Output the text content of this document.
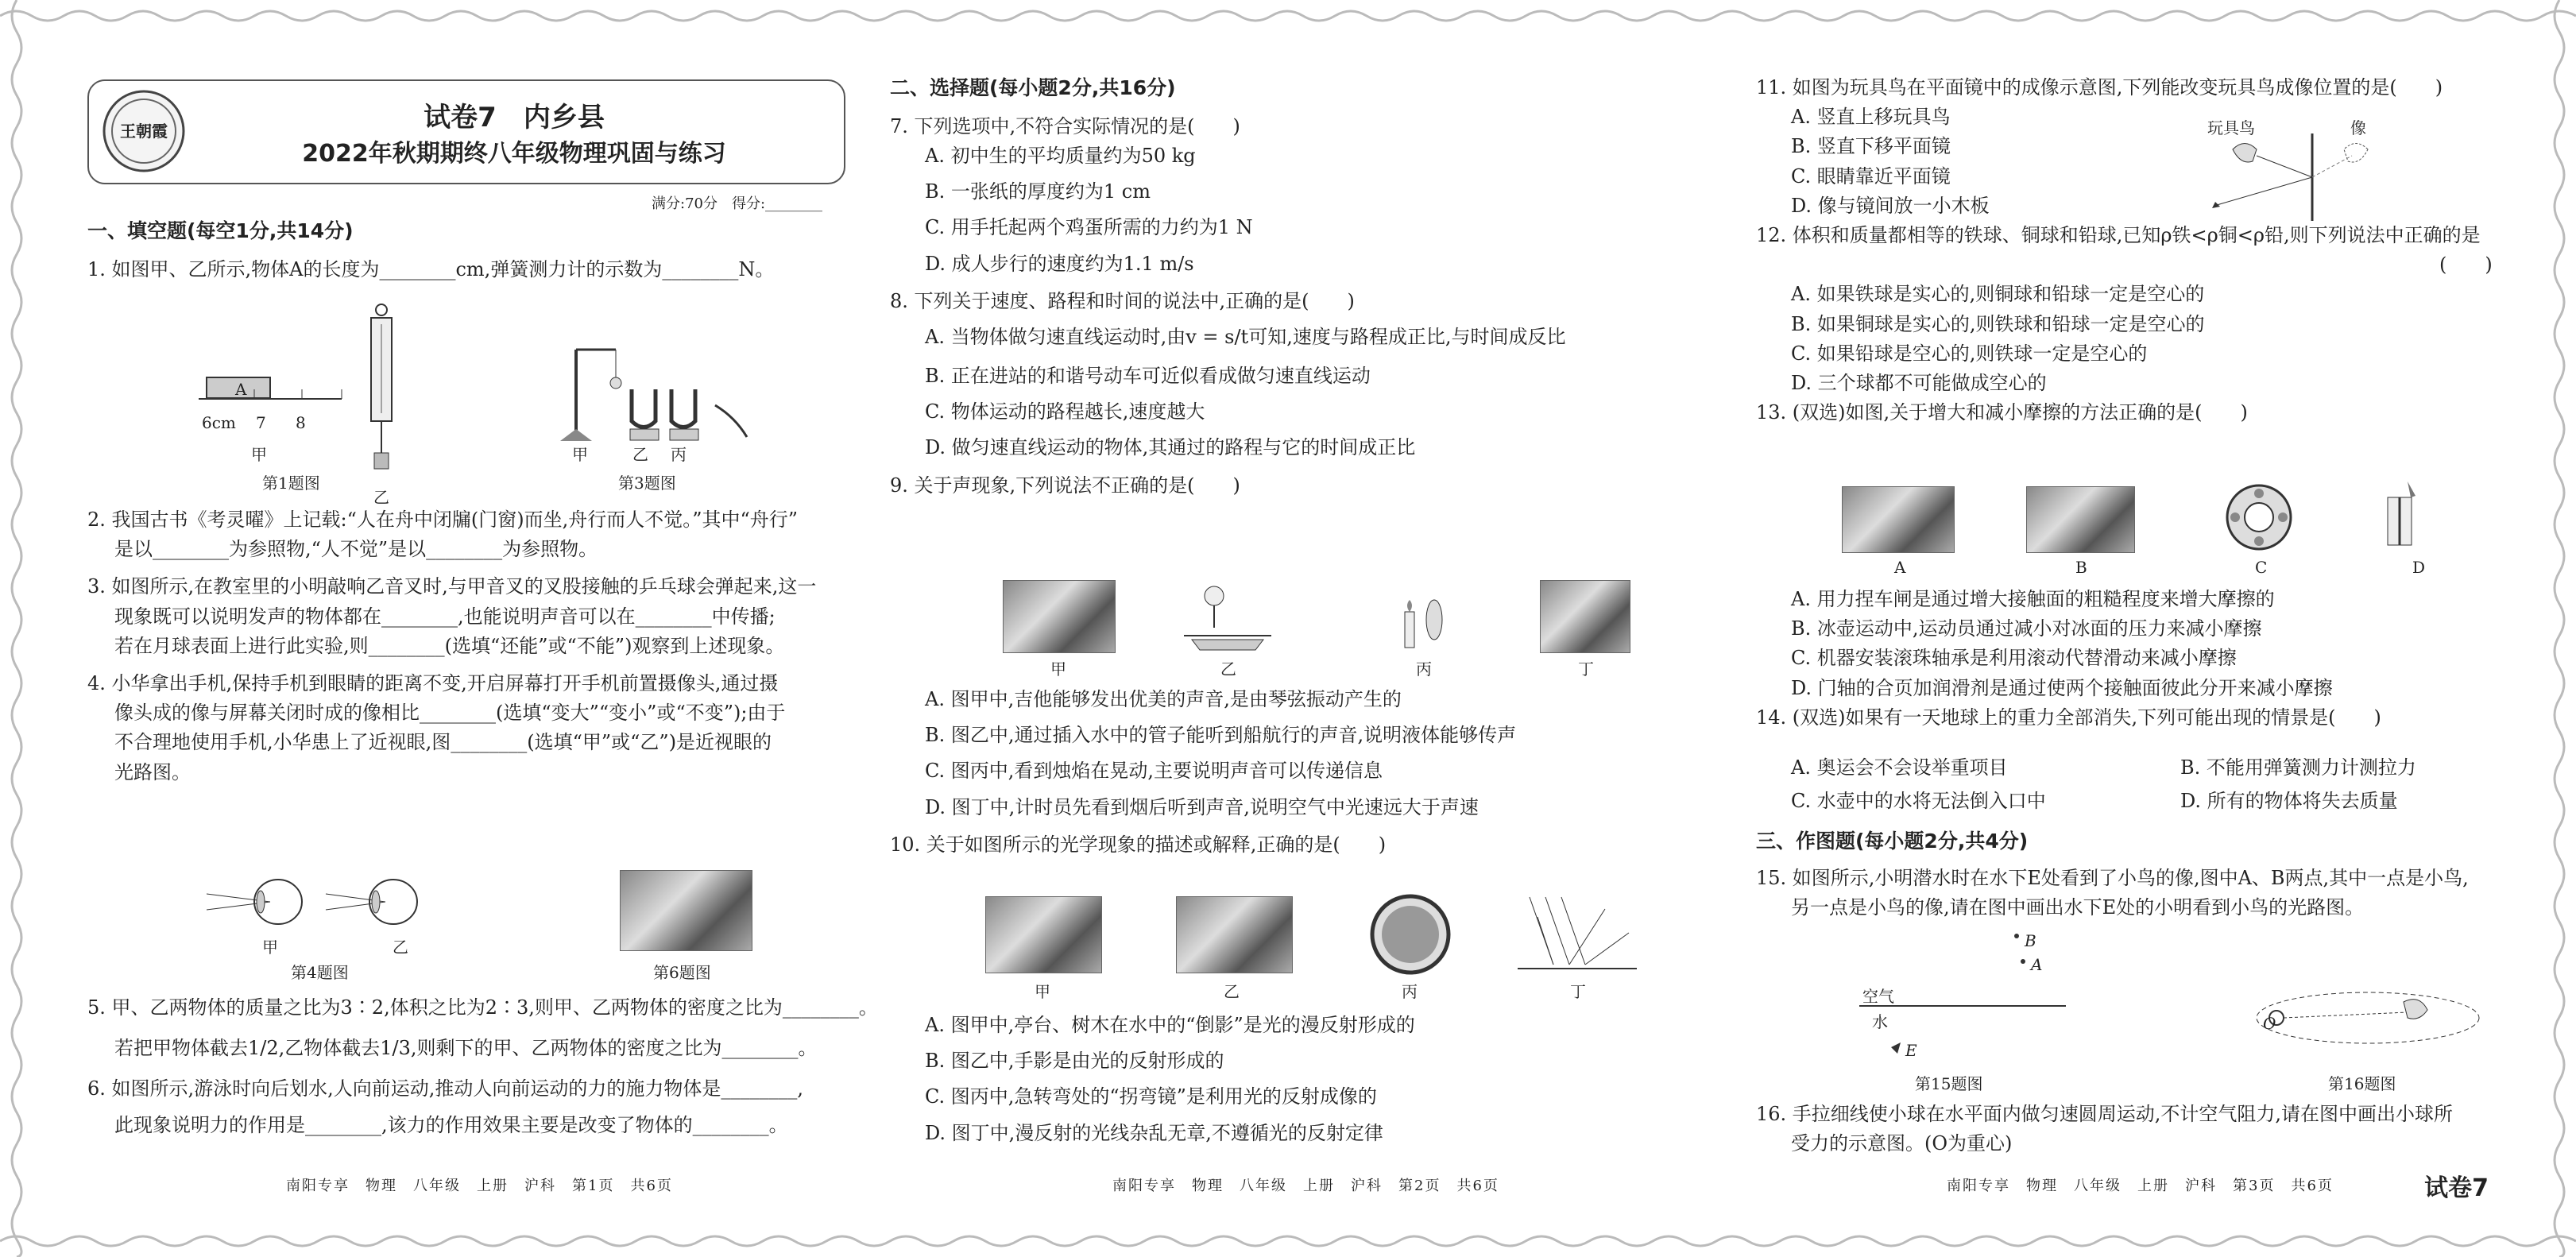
王朝霞	试卷7　内乡县
2022年秋期期终八年级物理巩固与练习
满分:70分　得分:________
一、填空题(每空1分,共14分)
1. 如图甲、乙所示,物体A的长度为________cm,弹簧测力计的示数为________N。
A
6cm 7 8
甲
乙
第1题图
甲	乙 丙
第3题图
2. 我国古书《考灵曜》上记载:“人在舟中闭牖(门窗)而坐,舟行而人不觉。”其中“舟行”
是以________为参照物,“人不觉”是以________为参照物。
3. 如图所示,在教室里的小明敲响乙音叉时,与甲音叉的叉股接触的乒乓球会弹起来,这一
现象既可以说明发声的物体都在________,也能说明声音可以在________中传播;
若在月球表面上进行此实验,则________(选填“还能”或“不能”)观察到上述现象。
4. 小华拿出手机,保持手机到眼睛的距离不变,开启屏幕打开手机前置摄像头,通过摄
像头成的像与屏幕关闭时成的像相比________(选填“变大”“变小”或“不变”);由于
不合理地使用手机,小华患上了近视眼,图________(选填“甲”或“乙”)是近视眼的
光路图。
甲	乙
第4题图	第6题图
5. 甲、乙两物体的质量之比为3∶2,体积之比为2∶3,则甲、乙两物体的密度之比为________。
若把甲物体截去1/2,乙物体截去1/3,则剩下的甲、乙两物体的密度之比为________。
6. 如图所示,游泳时向后划水,人向前运动,推动人向前运动的力的施力物体是________,
此现象说明力的作用是________,该力的作用效果主要是改变了物体的________。
南阳专享　物理　八年级　上册　沪科　第1页　共6页
二、选择题(每小题2分,共16分)
7. 下列选项中,不符合实际情况的是(　　)
A. 初中生的平均质量约为50 kg
B. 一张纸的厚度约为1 cm
C. 用手托起两个鸡蛋所需的力约为1 N
D. 成人步行的速度约为1.1 m/s
8. 下列关于速度、路程和时间的说法中,正确的是(　　)
A. 当物体做匀速直线运动时,由v = s/t可知,速度与路程成正比,与时间成反比
B. 正在进站的和谐号动车可近似看成做匀速直线运动
C. 物体运动的路程越长,速度越大
D. 做匀速直线运动的物体,其通过的路程与它的时间成正比
9. 关于声现象,下列说法不正确的是(　　)
甲	乙	丙	丁
A. 图甲中,吉他能够发出优美的声音,是由琴弦振动产生的
B. 图乙中,通过插入水中的管子能听到船航行的声音,说明液体能够传声
C. 图丙中,看到烛焰在晃动,主要说明声音可以传递信息
D. 图丁中,计时员先看到烟后听到声音,说明空气中光速远大于声速
10. 关于如图所示的光学现象的描述或解释,正确的是(　　)
甲	乙	丙	丁
A. 图甲中,亭台、树木在水中的“倒影”是光的漫反射形成的
B. 图乙中,手影是由光的反射形成的
C. 图丙中,急转弯处的“拐弯镜”是利用光的反射成像的
D. 图丁中,漫反射的光线杂乱无章,不遵循光的反射定律
南阳专享　物理　八年级　上册　沪科　第2页　共6页
11. 如图为玩具鸟在平面镜中的成像示意图,下列能改变玩具鸟成像位置的是(　　)
A. 竖直上移玩具鸟
B. 竖直下移平面镜
C. 眼睛靠近平面镜
D. 像与镜间放一小木板
12. 体积和质量都相等的铁球、铜球和铅球,已知ρ铁<ρ铜<ρ铅,则下列说法中正确的是
(　　)
A. 如果铁球是实心的,则铜球和铅球一定是空心的
B. 如果铜球是实心的,则铁球和铅球一定是空心的
C. 如果铅球是空心的,则铁球一定是空心的
D. 三个球都不可能做成空心的
13. (双选)如图,关于增大和减小摩擦的方法正确的是(　　)
玩具鸟	像
A	B	C	D
A. 用力捏车闸是通过增大接触面的粗糙程度来增大摩擦的
B. 冰壶运动中,运动员通过减小对冰面的压力来减小摩擦
C. 机器安装滚珠轴承是利用滚动代替滑动来减小摩擦
D. 门轴的合页加润滑剂是通过使两个接触面彼此分开来减小摩擦
14. (双选)如果有一天地球上的重力全部消失,下列可能出现的情景是(　　)
A. 奥运会不会设举重项目	B. 不能用弹簧测力计测拉力
C. 水壶中的水将无法倒入口中	D. 所有的物体将失去质量
三、作图题(每小题2分,共4分)
15. 如图所示,小明潜水时在水下E处看到了小鸟的像,图中A、B两点,其中一点是小鸟,
另一点是小鸟的像,请在图中画出水下E处的小明看到小鸟的光路图。
B
A
空气
水
E
第15题图
O
第16题图
16. 手拉细线使小球在水平面内做匀速圆周运动,不计空气阻力,请在图中画出小球所
受力的示意图。(O为重心)
南阳专享　物理　八年级　上册　沪科　第3页　共6页	试卷7
